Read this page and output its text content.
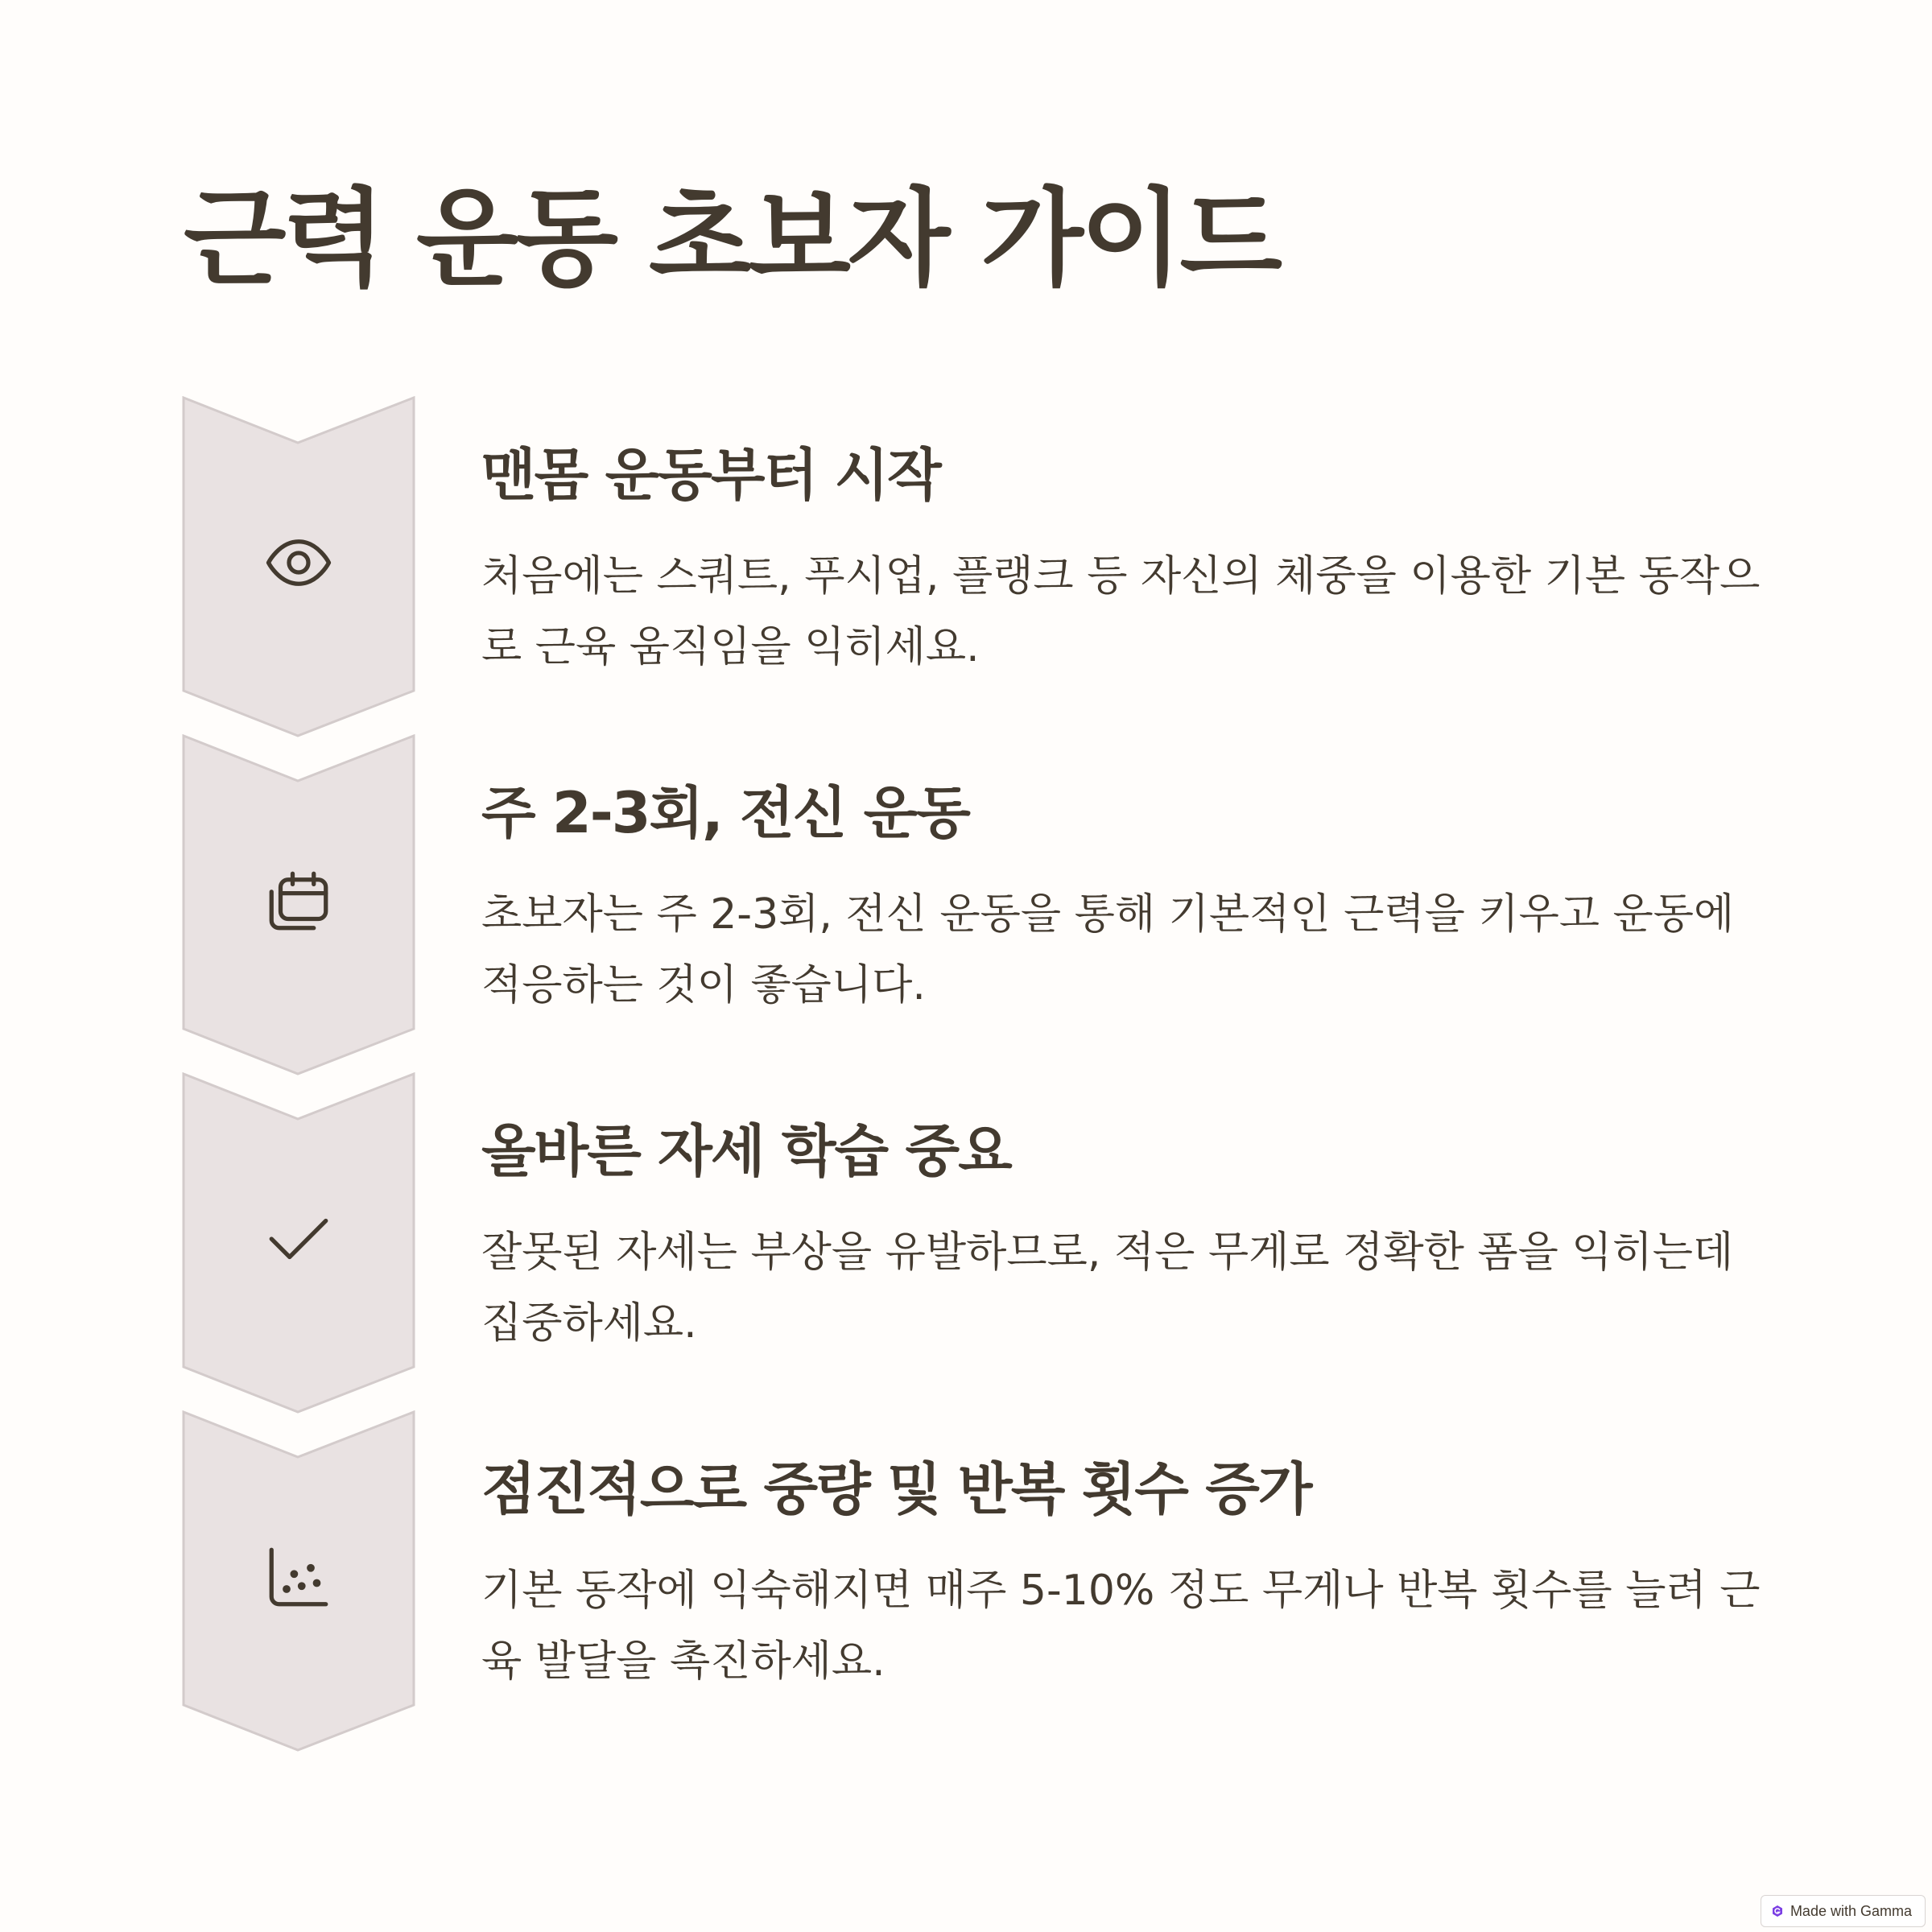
근력 운동 초보자 가이드
맨몸 운동부터 시작

처음에는 스쿼트, 푸시업, 플랭크 등 자신의 체중을 이용한 기본 동작으로 근육 움직임을 익히세요.

주 2-3회, 전신 운동

초보자는 주 2-3회, 전신 운동을 통해 기본적인 근력을 키우고 운동에 적응하는 것이 좋습니다.

올바른 자세 학습 중요

잘못된 자세는 부상을 유발하므로, 적은 무게로 정확한 폼을 익히는데 집중하세요.

점진적으로 중량 및 반복 횟수 증가

기본 동작에 익숙해지면 매주 5-10% 정도 무게나 반복 횟수를 늘려 근육 발달을 촉진하세요.

Made with Gamma
